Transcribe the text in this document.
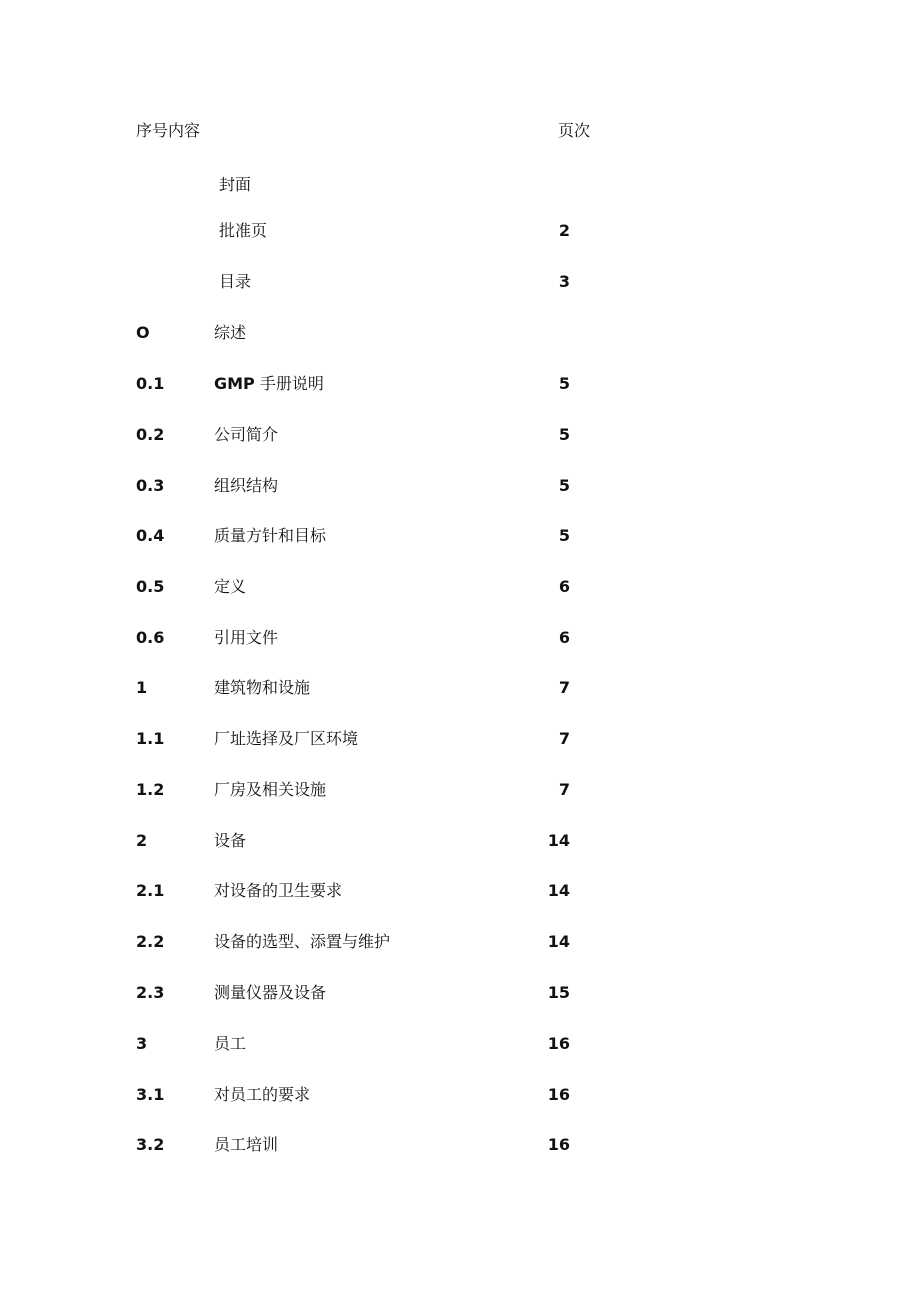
序号内容	页次
封面
批准页	2
目录	3
O	综述
0.1	GMP 手册说明	5
0.2	公司简介	5
0.3	组织结构	5
0.4	质量方针和目标	5
0.5	定义	6
0.6	引用文件	6
1	建筑物和设施	7
1.1	厂址选择及厂区环境	7
1.2	厂房及相关设施	7
2	设备	14
2.1	对设备的卫生要求	14
2.2	设备的选型、添置与维护	14
2.3	测量仪器及设备	15
3	员工	16
3.1	对员工的要求	16
3.2	员工培训	16
